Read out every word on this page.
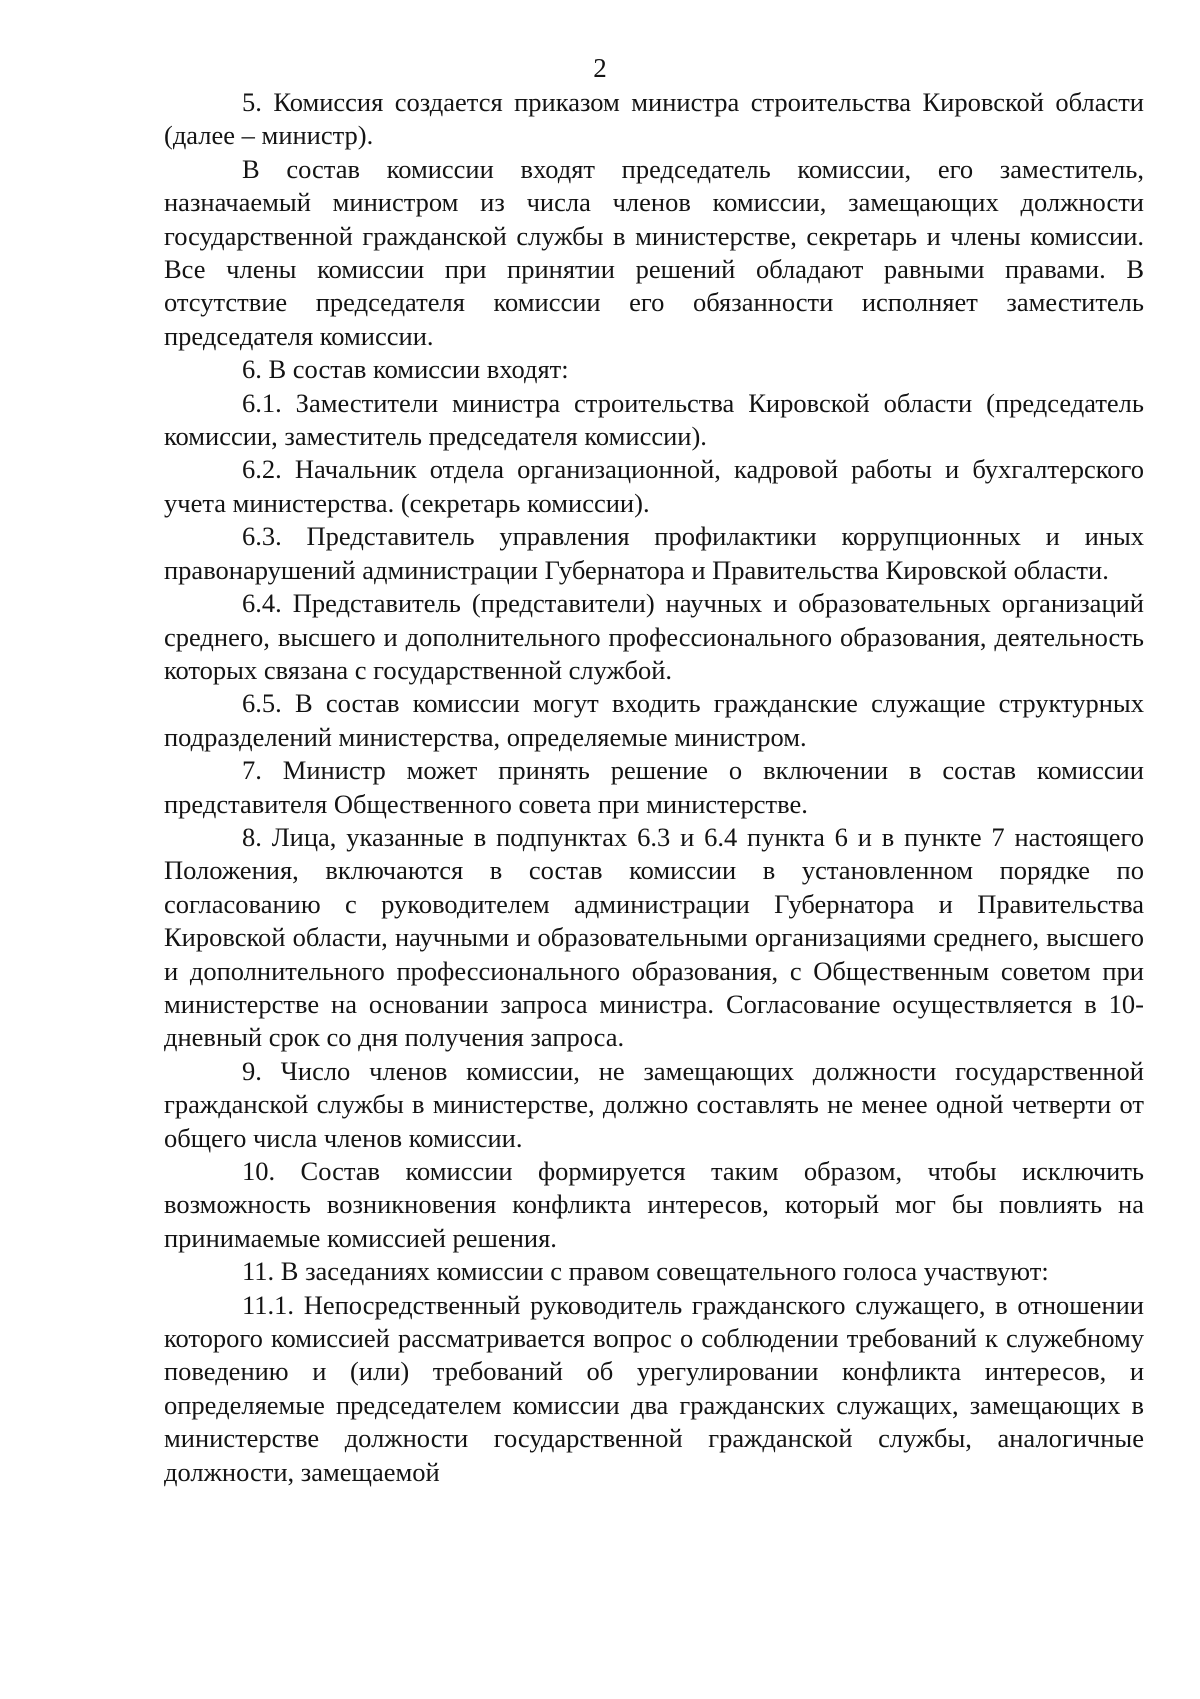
2

5. Комиссия создается приказом министра строительства Кировской области (далее – министр).

В состав комиссии входят председатель комиссии, его заместитель, назначаемый министром из числа членов комиссии, замещающих должности государственной гражданской службы в министерстве, секретарь и члены комиссии. Все члены комиссии при принятии решений обладают равными правами. В отсутствие председателя комиссии его обязанности исполняет заместитель председателя комиссии.

6. В состав комиссии входят:

6.1. Заместители министра строительства Кировской области (председатель комиссии, заместитель председателя комиссии).

6.2. Начальник отдела организационной, кадровой работы и бухгалтерского учета министерства. (секретарь комиссии).

6.3. Представитель управления профилактики коррупционных и иных правонарушений администрации Губернатора и Правительства Кировской области.

6.4. Представитель (представители) научных и образовательных организаций среднего, высшего и дополнительного профессионального образования, деятельность которых связана с государственной службой.

6.5. В состав комиссии могут входить гражданские служащие структурных подразделений министерства, определяемые министром.

7. Министр может принять решение о включении в состав комиссии представителя Общественного совета при министерстве.

8. Лица, указанные в подпунктах 6.3 и 6.4 пункта 6 и в пункте 7 настоящего Положения, включаются в состав комиссии в установленном порядке по согласованию с руководителем администрации Губернатора и Правительства Кировской области, научными и образовательными организациями среднего, высшего и дополнительного профессионального образования, с Общественным советом при министерстве на основании запроса министра. Согласование осуществляется в 10-дневный срок со дня получения запроса.

9. Число членов комиссии, не замещающих должности государственной гражданской службы в министерстве, должно составлять не менее одной четверти от общего числа членов комиссии.

10. Состав комиссии формируется таким образом, чтобы исключить возможность возникновения конфликта интересов, который мог бы повлиять на принимаемые комиссией решения.

11. В заседаниях комиссии с правом совещательного голоса участвуют:

11.1. Непосредственный руководитель гражданского служащего, в отношении которого комиссией рассматривается вопрос о соблюдении требований к служебному поведению и (или) требований об урегулировании конфликта интересов, и определяемые председателем комиссии два гражданских служащих, замещающих в министерстве должности государственной гражданской службы, аналогичные должности, замещаемой
